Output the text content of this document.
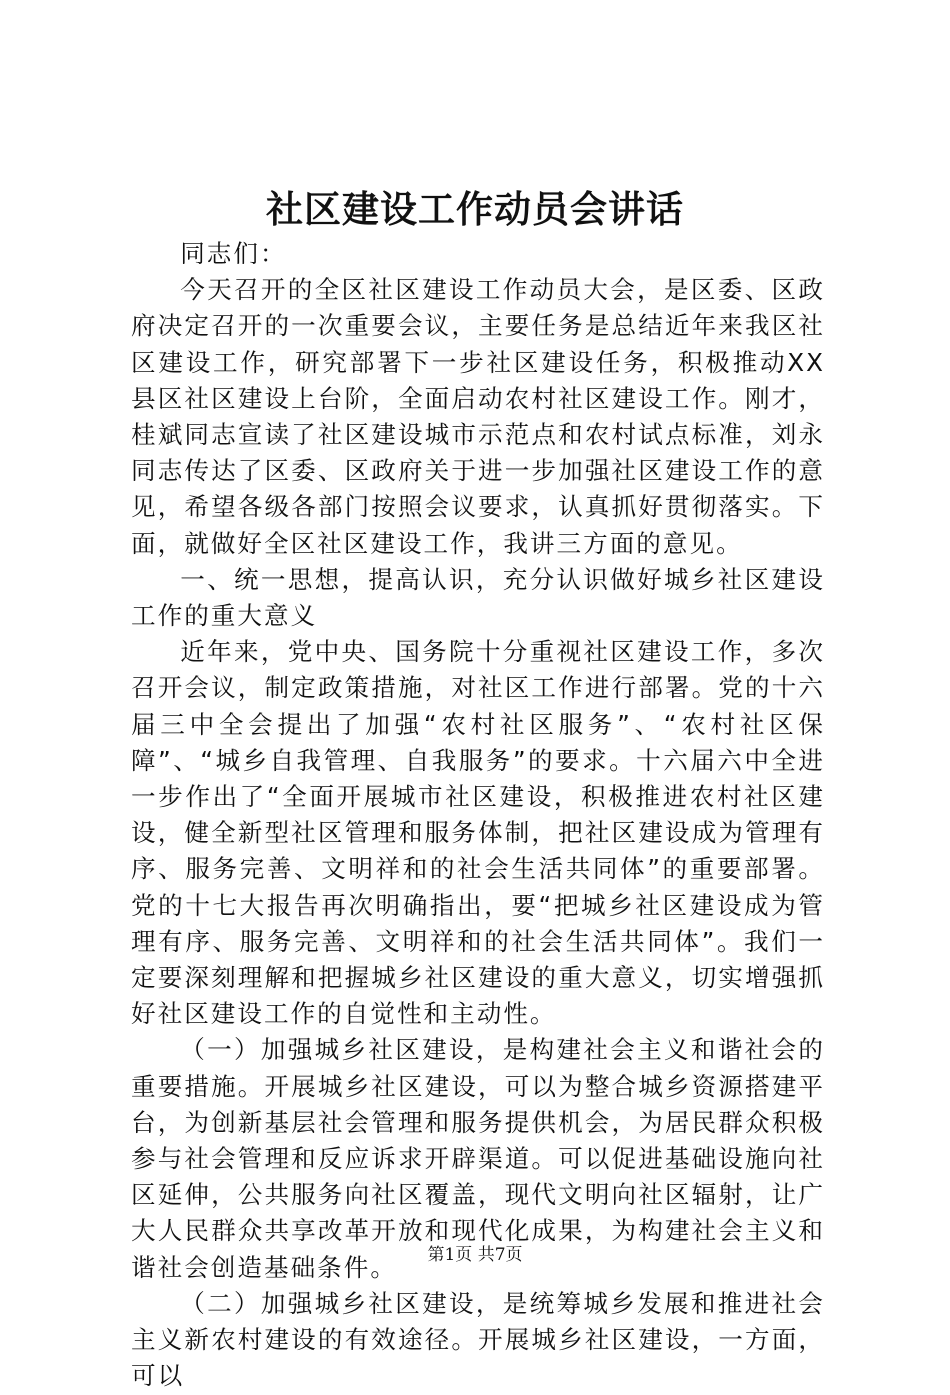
社区建设工作动员会讲话

同志们：

今天召开的全区社区建设工作动员大会，是区委、区政府决定召开的一次重要会议，主要任务是总结近年来我区社区建设工作，研究部署下一步社区建设任务，积极推动XX县区社区建设上台阶，全面启动农村社区建设工作。刚才，桂斌同志宣读了社区建设城市示范点和农村试点标准，刘永同志传达了区委、区政府关于进一步加强社区建设工作的意见，希望各级各部门按照会议要求，认真抓好贯彻落实。下面，就做好全区社区建设工作，我讲三方面的意见。

一、统一思想，提高认识，充分认识做好城乡社区建设工作的重大意义

近年来，党中央、国务院十分重视社区建设工作，多次召开会议，制定政策措施，对社区工作进行部署。党的十六届三中全会提出了加强“农村社区服务”、“农村社区保障”、“城乡自我管理、自我服务”的要求。十六届六中全进一步作出了“全面开展城市社区建设，积极推进农村社区建设，健全新型社区管理和服务体制，把社区建设成为管理有序、服务完善、文明祥和的社会生活共同体”的重要部署。党的十七大报告再次明确指出，要“把城乡社区建设成为管理有序、服务完善、文明祥和的社会生活共同体”。我们一定要深刻理解和把握城乡社区建设的重大意义，切实增强抓好社区建设工作的自觉性和主动性。

（一）加强城乡社区建设，是构建社会主义和谐社会的重要措施。开展城乡社区建设，可以为整合城乡资源搭建平台，为创新基层社会管理和服务提供机会，为居民群众积极参与社会管理和反应诉求开辟渠道。可以促进基础设施向社区延伸，公共服务向社区覆盖，现代文明向社区辐射，让广大人民群众共享改革开放和现代化成果，为构建社会主义和谐社会创造基础条件。

（二）加强城乡社区建设，是统筹城乡发展和推进社会主义新农村建设的有效途径。开展城乡社区建设，一方面，可以

第1页 共7页
